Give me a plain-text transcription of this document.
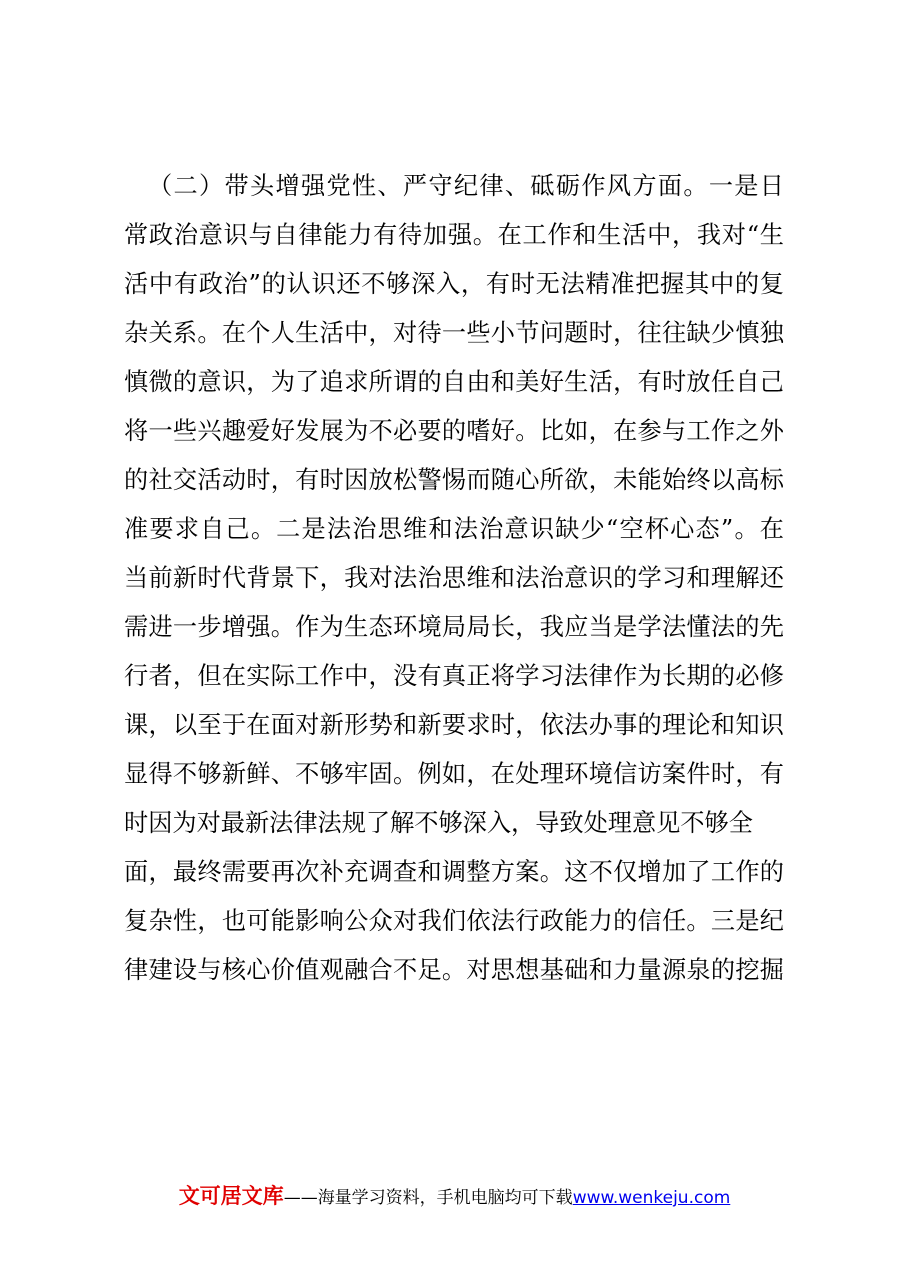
（二）带头增强党性、严守纪律、砥砺作风方面。一是日
常政治意识与自律能力有待加强。在工作和生活中，我对“生
活中有政治”的认识还不够深入，有时无法精准把握其中的复
杂关系。在个人生活中，对待一些小节问题时，往往缺少慎独
慎微的意识，为了追求所谓的自由和美好生活，有时放任自己
将一些兴趣爱好发展为不必要的嗜好。比如，在参与工作之外
的社交活动时，有时因放松警惕而随心所欲，未能始终以高标
准要求自己。二是法治思维和法治意识缺少“空杯心态”。在
当前新时代背景下，我对法治思维和法治意识的学习和理解还
需进一步增强。作为生态环境局局长，我应当是学法懂法的先
行者，但在实际工作中，没有真正将学习法律作为长期的必修
课，以至于在面对新形势和新要求时，依法办事的理论和知识
显得不够新鲜、不够牢固。例如，在处理环境信访案件时，有
时因为对最新法律法规了解不够深入，导致处理意见不够全
面，最终需要再次补充调查和调整方案。这不仅增加了工作的
复杂性，也可能影响公众对我们依法行政能力的信任。三是纪
律建设与核心价值观融合不足。对思想基础和力量源泉的挖掘
文可居文库——海量学习资料，手机电脑均可下载www.wenkeju.com
